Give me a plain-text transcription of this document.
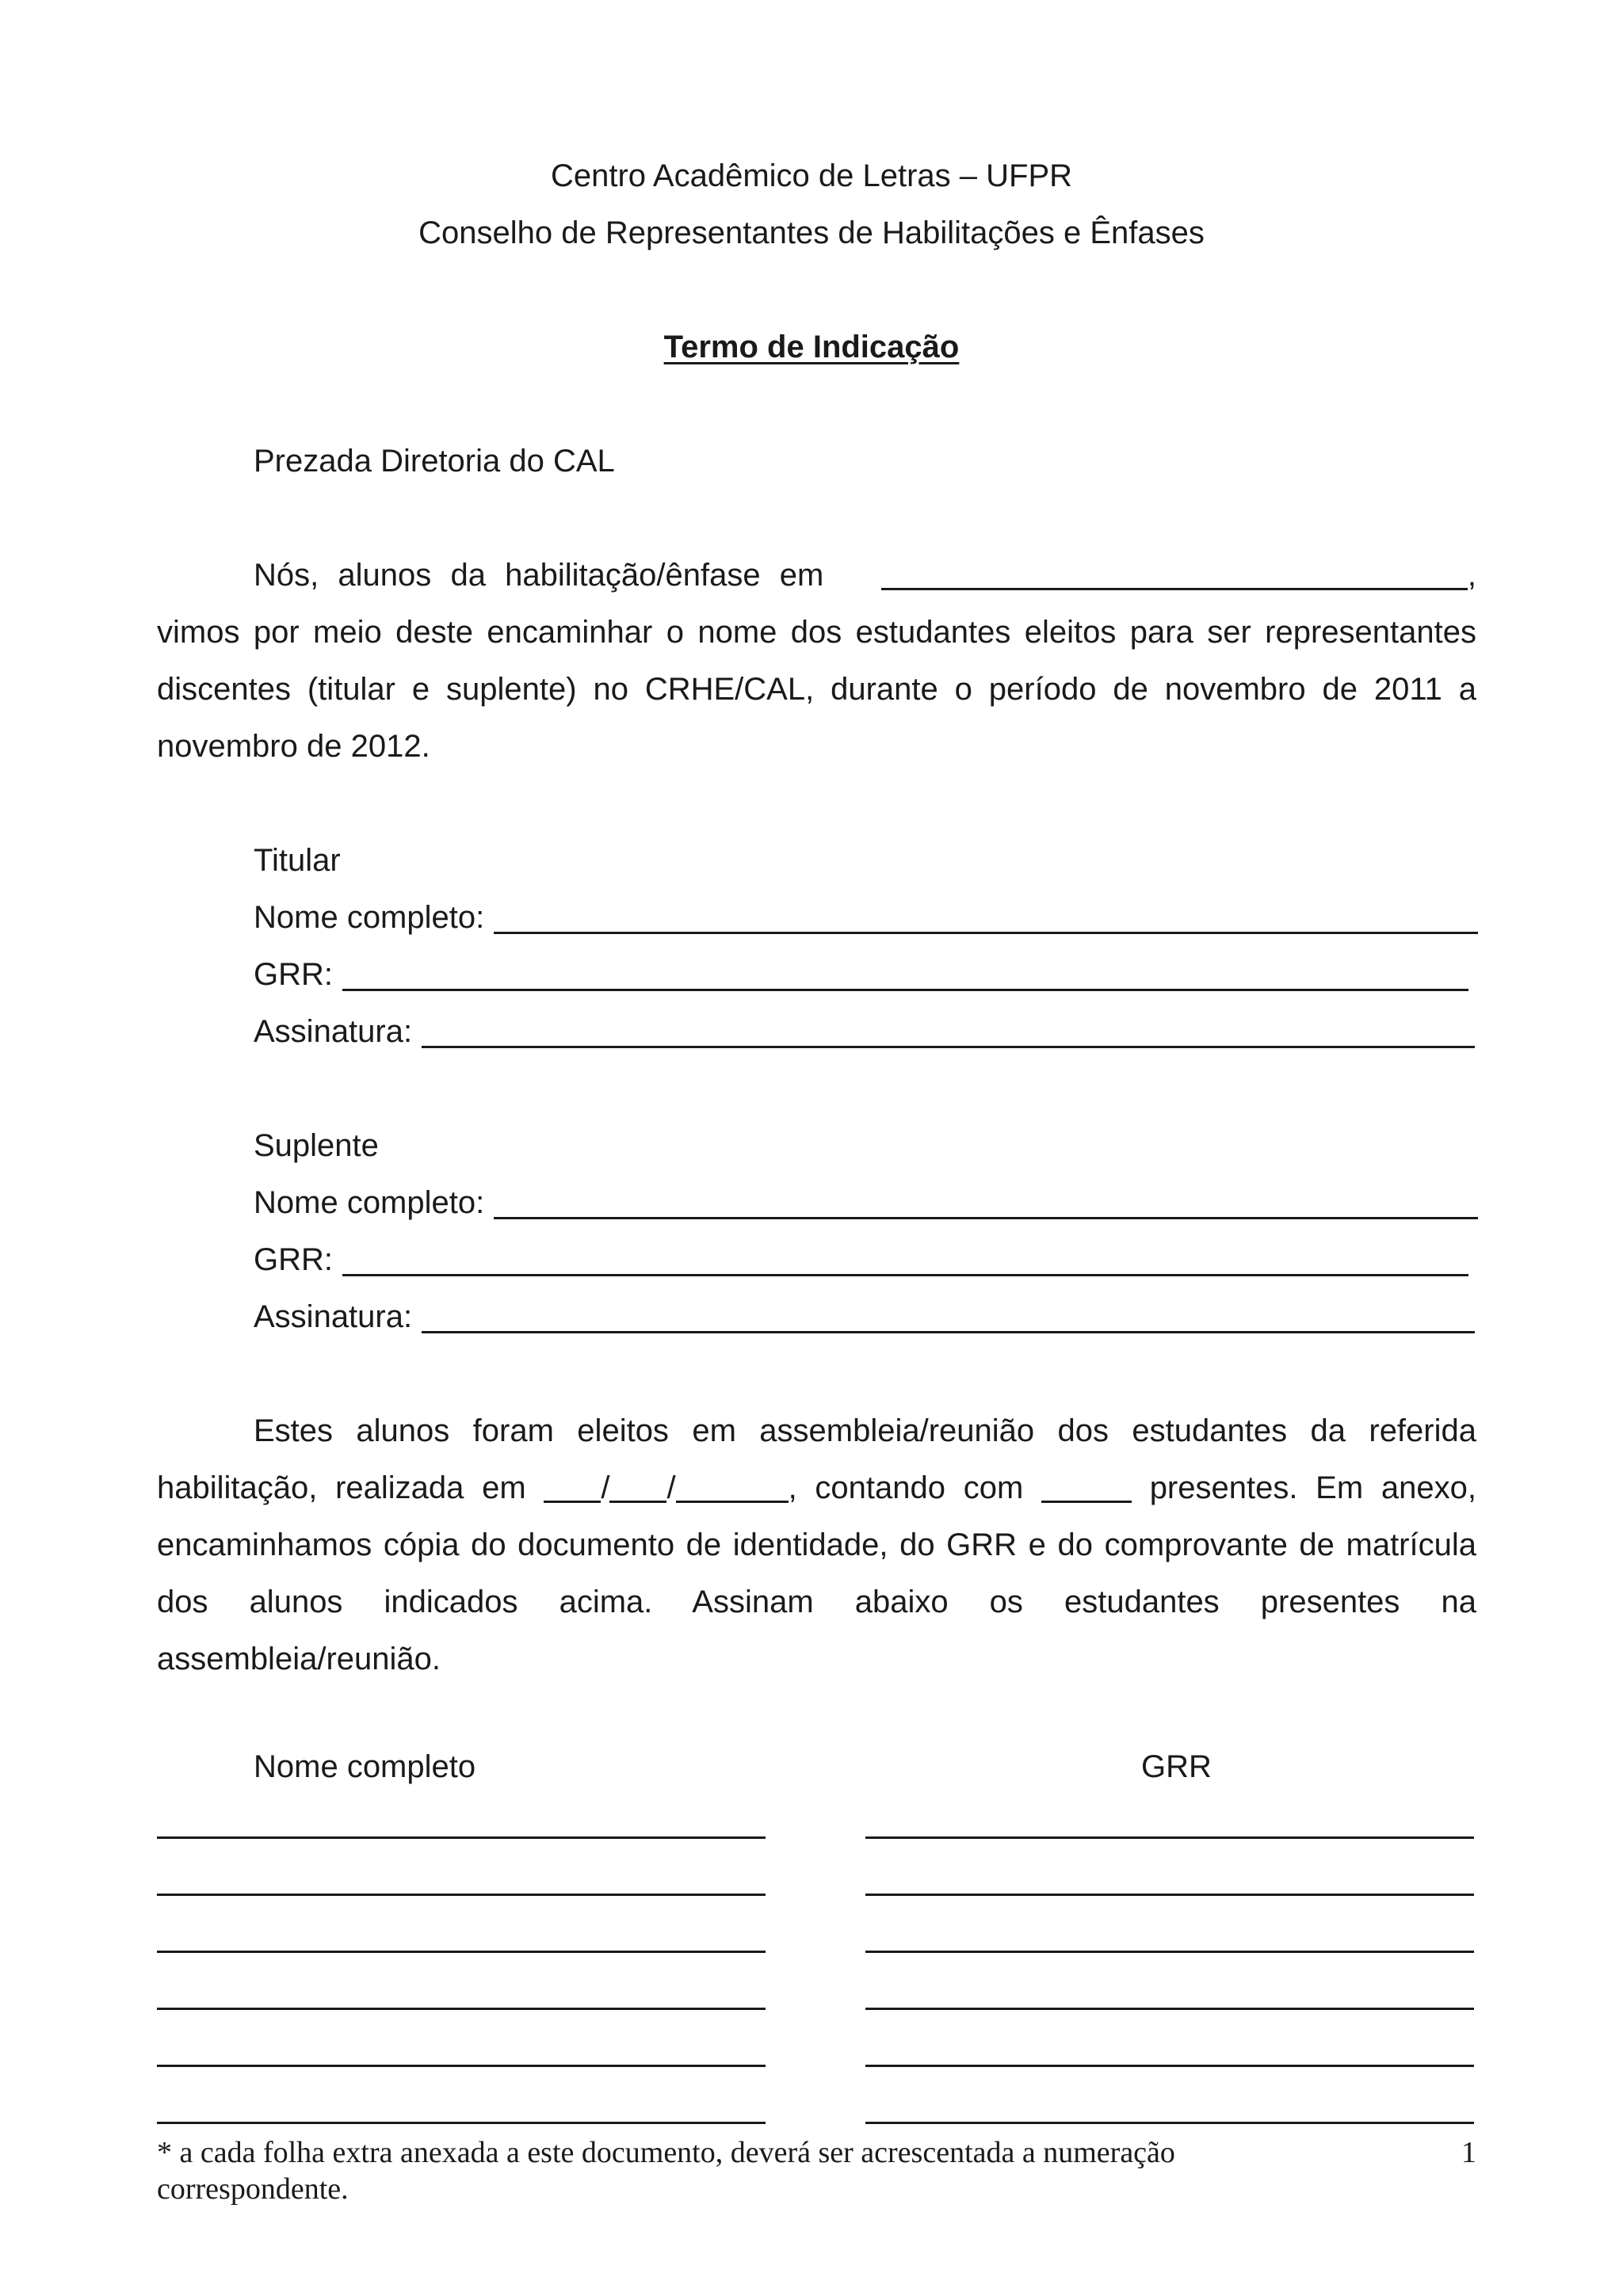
Centro Acadêmico de Letras – UFPR
Conselho de Representantes de Habilitações e Ênfases
Termo de Indicação
Prezada Diretoria do CAL

Nós, alunos da habilitação/ênfase em	, vimos por meio deste encaminhar o nome dos estudantes eleitos para ser representantes discentes (titular e suplente) no CRHE/CAL, durante o período de novembro de 2011 a novembro de 2012.

Titular
Nome completo:
GRR:
Assinatura:
Suplente
Nome completo:
GRR:
Assinatura:

Estes alunos foram eleitos em assembleia/reunião dos estudantes da referida habilitação, realizada em / /	, contando com	presentes. Em anexo, encaminhamos cópia do documento de identidade, do GRR e do comprovante de matrícula dos alunos indicados acima. Assinam abaixo os estudantes presentes na assembleia/reunião.

Nome completo	GRR
* a cada folha extra anexada a este documento, deverá ser acrescentada a numeração correspondente.
1
